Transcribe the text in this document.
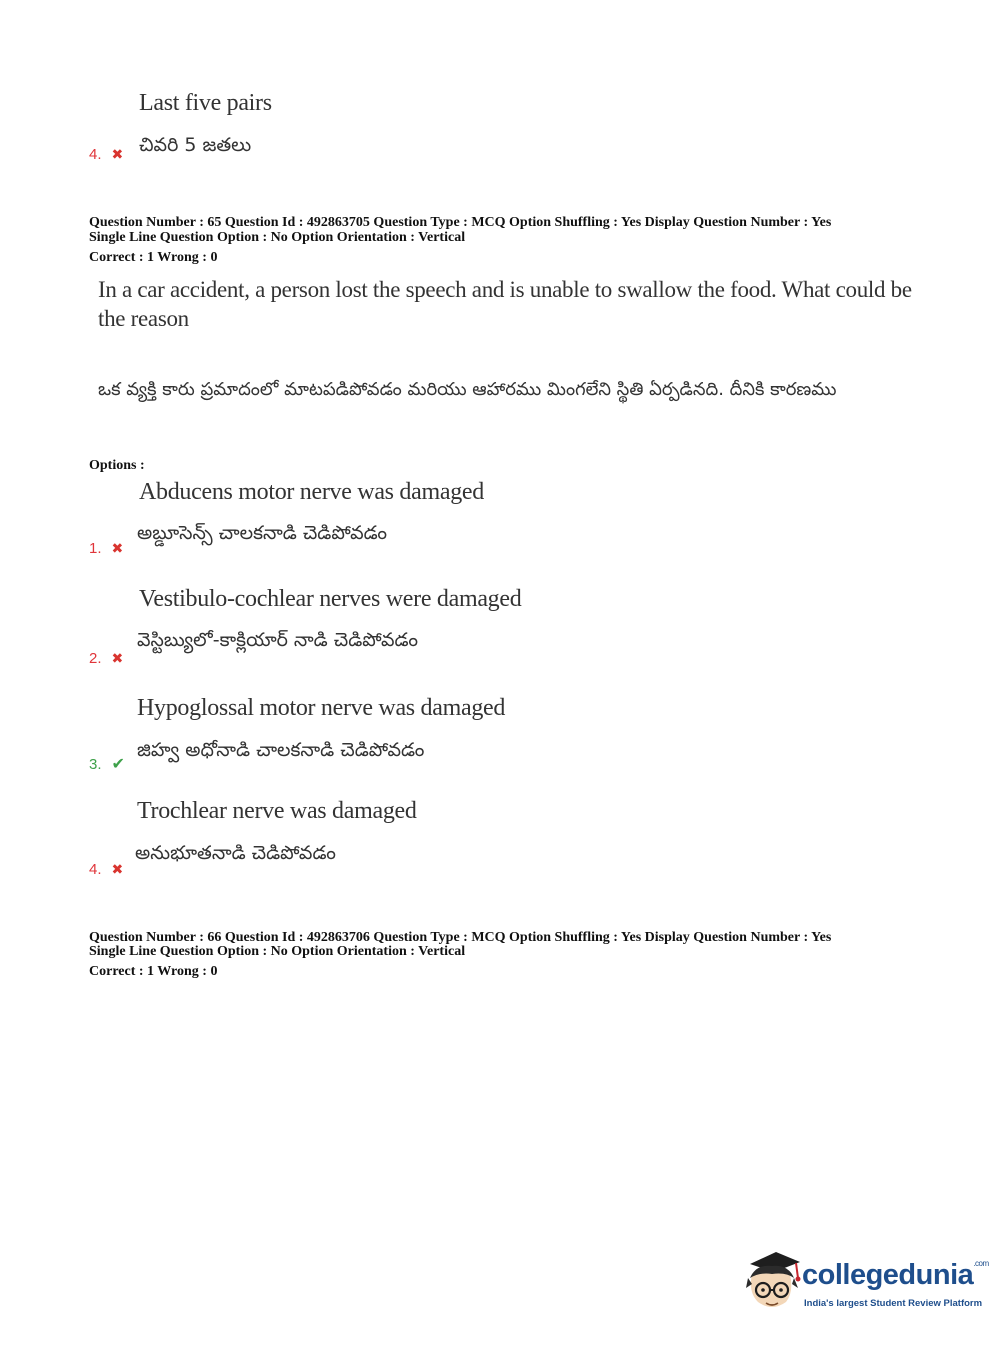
Last five pairs
4. ✖ చివరి 5 జతలు
Question Number : 65 Question Id : 492863705 Question Type : MCQ Option Shuffling : Yes Display Question Number : Yes
Single Line Question Option : No Option Orientation : Vertical
Correct : 1 Wrong : 0
In a car accident, a person lost the speech and is unable to swallow the food. What could be the reason
ఒక వ్యక్తి కారు ప్రమాదంలో మాటపడిపోవడం మరియు ఆహారము మింగలేని స్థితి ఏర్పడినది. దీనికి కారణము
Options :
Abducens motor nerve was damaged
1. ✖
అబ్డూసెన్స్ చాలకనాడి చెడిపోవడం
Vestibulo-cochlear nerves were damaged
2. ✖
వెస్టిబ్యులో-కాక్లియార్ నాడి చెడిపోవడం
Hypoglossal motor nerve was damaged
3. ✔
జిహ్వ అధోనాడి చాలకనాడి చెడిపోవడం
Trochlear nerve was damaged
4. ✖
అనుభూతనాడి చెడిపోవడం
Question Number : 66 Question Id : 492863706 Question Type : MCQ Option Shuffling : Yes Display Question Number : Yes
Single Line Question Option : No Option Orientation : Vertical
Correct : 1 Wrong : 0
collegedunia$^{.com}$
India's largest Student Review Platform
